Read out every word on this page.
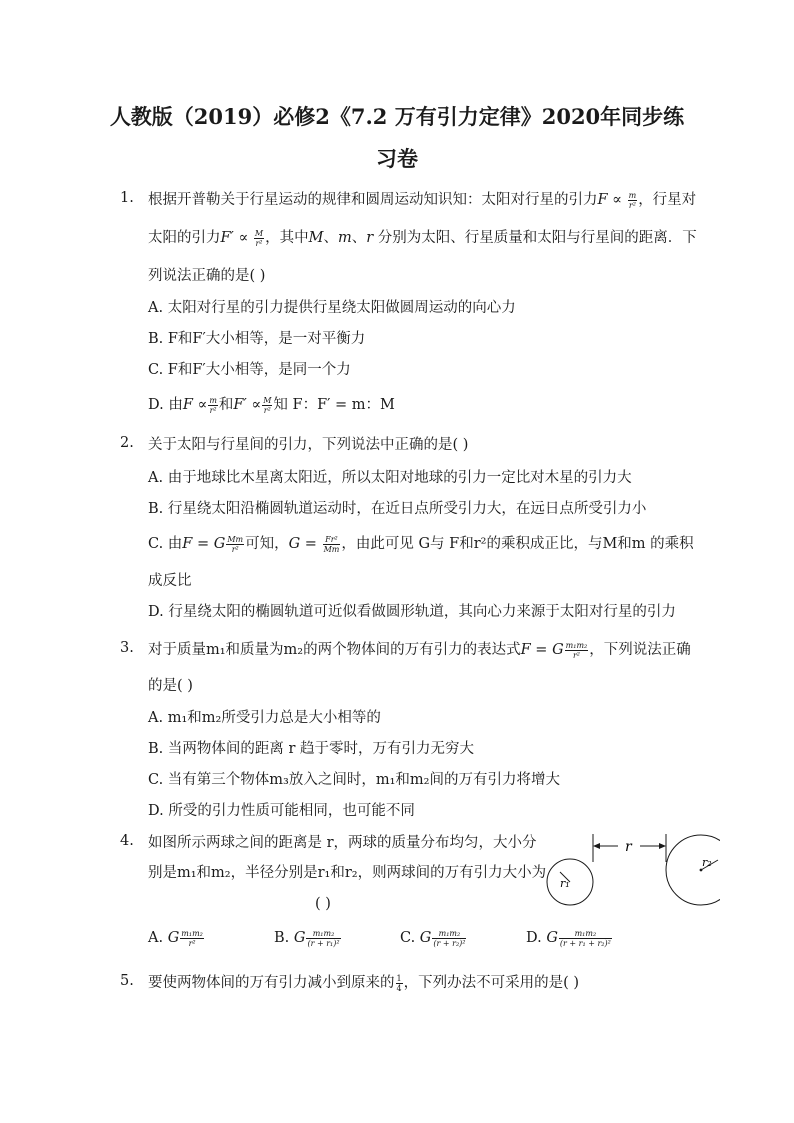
人教版（2019）必修2《7.2 万有引力定律》2020年同步练
习卷
1. 根据开普勒关于行星运动的规律和圆周运动知识知：太阳对行星的引力$F \propto \frac{m}{\text{r²}}$ ，行星对
太阳的引力$F' \propto \frac{M}{\text{r²}}$ ，其中M、m、r 分别为太阳、行星质量和太阳与行星间的距离．下
列说法正确的是( )
A. 太阳对行星的引力提供行星绕太阳做圆周运动的向心力
B. F和F′大小相等，是一对平衡力
C. F和F′大小相等，是同一个力
D. 由$F \propto \frac{m}{\text{r²}}$ 和$F' \propto \frac{M}{\text{r²}}$ 知 F：F′ = m：M
2. 关于太阳与行星间的引力，下列说法中正确的是( )
A. 由于地球比木星离太阳近，所以太阳对地球的引力一定比对木星的引力大
B. 行星绕太阳沿椭圆轨道运动时，在近日点所受引力大，在远日点所受引力小
C. 由F = G $\frac{Mm}{\text{r²}}$ 可知，$G = \frac{\text{Fr²}}{Mm}$ ，由此可见 G与 F和r²的乘积成正比，与M和m 的乘积
成反比
D. 行星绕太阳的椭圆轨道可近似看做圆形轨道，其向心力来源于太阳对行星的引力
3. 对于质量m₁和质量为m₂的两个物体间的万有引力的表达式F = G $\frac{\text{m₁m₂}}{\text{r²}}$ ，下列说法正确
的是( )
A. m₁和m₂所受引力总是大小相等的
B. 当两物体间的距离 r 趋于零时，万有引力无穷大
C. 当有第三个物体m₃放入之间时，m₁和m₂间的万有引力将增大
D. 所受的引力性质可能相同，也可能不同
4. 如图所示两球之间的距离是 r，两球的质量分布均匀，大小分
别是m₁和m₂，半径分别是r₁和r₂，则两球间的万有引力大小为
( )
A. G $\frac{\text{m₁m₂}}{\text{r²}}$	B. G $\frac{\text{m₁m₂}}{\text{(r + r₁)²}}$	C. G $\frac{\text{m₁m₂}}{\text{(r + r₂)²}}$	D. G $\frac{\text{m₁m₂}}{\text{(r + r₁ + r₂)²}}$
r₁
r₂
r
5. 要使两物体间的万有引力减小到原来的 $\frac{1}{4}$ ，下列办法不可采用的是( )
